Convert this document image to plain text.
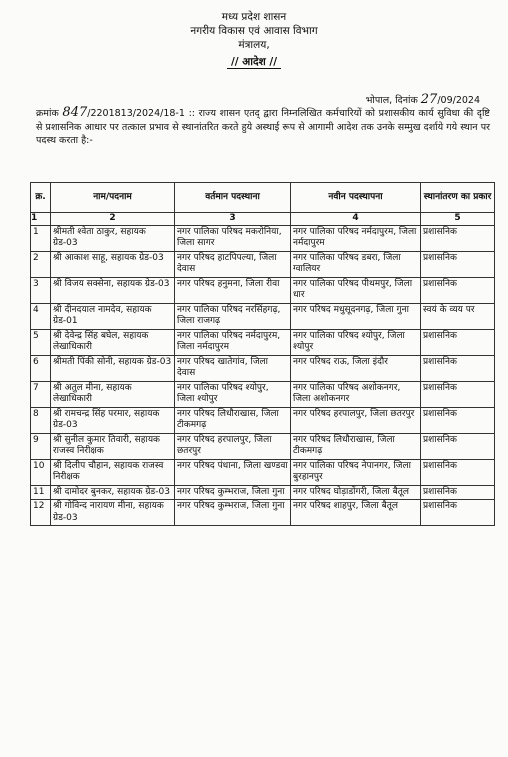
मध्य प्रदेश शासन
नगरीय विकास एवं आवास विभाग
मंत्रालय,
// आदेश //
भोपाल, दिनांक 27/09/2024
क्रमांक 847/2201813/2024/18-1 :: राज्य शासन एतद् द्वारा निम्नलिखित कर्मचारियों को प्रशासकीय कार्य सुविधा की दृष्टि से प्रशासनिक आधार पर तत्काल प्रभाव से स्थानांतरित करते हुये अस्थाई रूप से आगामी आदेश तक उनके सम्मुख दर्शाये गये स्थान पर पदस्थ करता है:-
क्र.	नाम/पदनाम	वर्तमान पदस्थाना	नवीन पदस्थापना	स्थानांतरण का प्रकार
1	2	3	4	5
1	श्रीमती श्वेता ठाकुर, सहायक ग्रेड-03	नगर पालिका परिषद मकरोनिया, जिला सागर	नगर पालिका परिषद नर्मदापुरम, जिला नर्मदापुरम	प्रशासनिक
2	श्री आकाश साहू, सहायक ग्रेड-03	नगर परिषद हाटपिपल्या, जिला देवास	नगर पालिका परिषद डबरा, जिला ग्वालियर	प्रशासनिक
3	श्री विजय सक्सेना, सहायक ग्रेड-03	नगर परिषद हनुमना, जिला रीवा	नगर पालिका परिषद पीथमपुर, जिला धार	प्रशासनिक
4	श्री दीनदयाल नामदेव, सहायक ग्रेड-01	नगर पालिका परिषद नरसिंहगढ़, जिला राजगढ़	नगर परिषद मधुसूदनगढ़, जिला गुना	स्वयं के व्यय पर
5	श्री देवेन्द्र सिंह बघेल, सहायक लेखाधिकारी	नगर पालिका परिषद नर्मदापुरम, जिला नर्मदापुरम	नगर पालिका परिषद श्योपुर, जिला श्योपुर	प्रशासनिक
6	श्रीमती पिंकी सोनी, सहायक ग्रेड-03	नगर परिषद खातेगांव, जिला देवास	नगर परिषद राऊ, जिला इंदौर	प्रशासनिक
7	श्री अतुल मीना, सहायक लेखाधिकारी	नगर पालिका परिषद श्योपुर, जिला श्योपुर	नगर पालिका परिषद अशोकनगर, जिला अशोकनगर	प्रशासनिक
8	श्री रामचन्द्र सिंह परमार, सहायक ग्रेड-03	नगर परिषद लिधौराखास, जिला टीकमगढ़	नगर परिषद हरपालपुर, जिला छतरपुर	प्रशासनिक
9	श्री सुनील कुमार तिवारी, सहायक राजस्व निरीक्षक	नगर परिषद हरपालपुर, जिला छतरपुर	नगर परिषद लिधौराखास, जिला टीकमगढ़	प्रशासनिक
10	श्री दिलीप चौहान, सहायक राजस्व निरीक्षक	नगर परिषद पंधाना, जिला खण्डवा	नगर पालिका परिषद नेपानगर, जिला बुरहानपुर	प्रशासनिक
11	श्री दामोदर बुनकर, सहायक ग्रेड-03	नगर परिषद कुम्भराज, जिला गुना	नगर परिषद घोड़ाडोंगरी, जिला बैतूल	प्रशासनिक
12	श्री गोविन्द नारायण मीना, सहायक ग्रेड-03	नगर परिषद कुम्भराज, जिला गुना	नगर परिषद शाहपुर, जिला बैतूल	प्रशासनिक
